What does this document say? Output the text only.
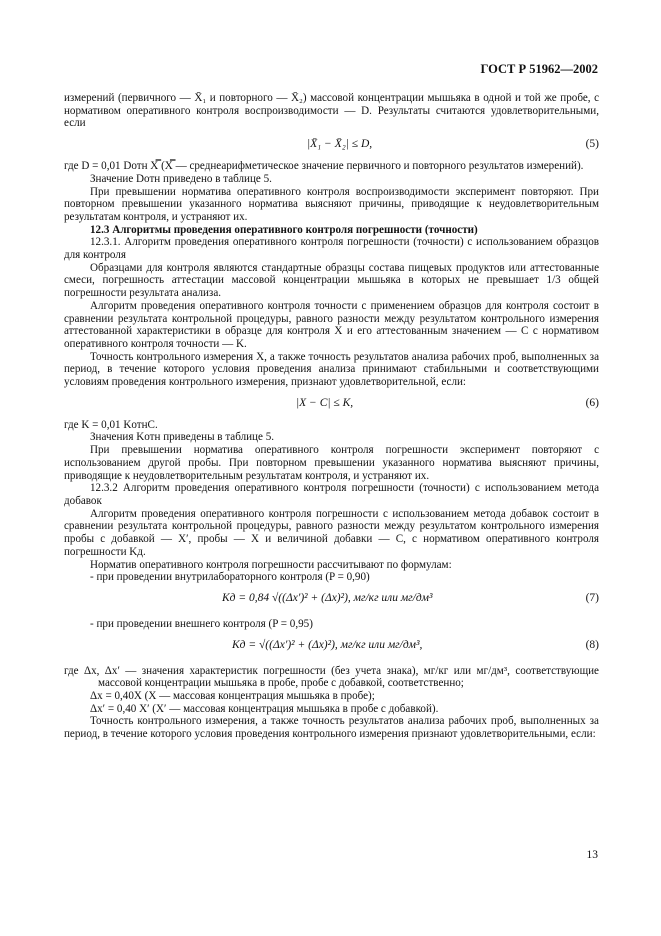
ГОСТ Р 51962—2002

измерений (первичного — X̄₁ и повторного — X̄₂) массовой концентрации мышьяка в одной и той же пробе, с нормативом оперативного контроля воспроизводимости — D. Результаты считаются удовлетворительными, если

|X̄₁ − X̄₂| ≤ D,	(5)

где D = 0,01 Dотн X̿ (X̿ — среднеарифметическое значение первичного и повторного результатов измерений).

Значение Dотн приведено в таблице 5.

При превышении норматива оперативного контроля воспроизводимости эксперимент повторяют. При повторном превышении указанного норматива выясняют причины, приводящие к неудовлетворительным результатам контроля, и устраняют их.

12.3 Алгоритмы проведения оперативного контроля погрешности (точности)

12.3.1. Алгоритм проведения оперативного контроля погрешности (точности) с использованием образцов для контроля

Образцами для контроля являются стандартные образцы состава пищевых продуктов или аттестованные смеси, погрешность аттестации массовой концентрации мышьяка в которых не превышает 1/3 общей погрешности результата анализа.

Алгоритм проведения оперативного контроля точности с применением образцов для контроля состоит в сравнении результата контрольной процедуры, равного разности между результатом контрольного измерения аттестованной характеристики в образце для контроля X и его аттестованным значением — C с нормативом оперативного контроля точности — K.

Точность контрольного измерения X, а также точность результатов анализа рабочих проб, выполненных за период, в течение которого условия проведения анализа принимают стабильными и соответствующими условиям проведения контрольного измерения, признают удовлетворительной, если:

|X − C| ≤ K,	(6)

где K = 0,01 KотнC.

Значения Kотн приведены в таблице 5.

При превышении норматива оперативного контроля погрешности эксперимент повторяют с использованием другой пробы. При повторном превышении указанного норматива выясняют причины, приводящие к неудовлетворительным результатам контроля, и устраняют их.

12.3.2 Алгоритм проведения оперативного контроля погрешности (точности) с использованием метода добавок

Алгоритм проведения оперативного контроля погрешности с использованием метода добавок состоит в сравнении результата контрольной процедуры, равного разности между результатом контрольного измерения пробы с добавкой — X′, пробы — X и величиной добавки — C, с нормативом оперативного контроля погрешности Kд.

Норматив оперативного контроля погрешности рассчитывают по формулам:

- при проведении внутрилабораторного контроля (P = 0,90)

Kд = 0,84 √((Δx′)² + (Δx)²), мг/кг или мг/дм³	(7)

- при проведении внешнего контроля (P = 0,95)

Kд = √((Δx′)² + (Δx)²), мг/кг или мг/дм³,	(8)

где Δx, Δx′ — значения характеристик погрешности (без учета знака), мг/кг или мг/дм³, соответствующие массовой концентрации мышьяка в пробе, пробе с добавкой, соответственно;

Δx = 0,40X (X — массовая концентрация мышьяка в пробе);

Δx′ = 0,40 X′ (X′ — массовая концентрация мышьяка в пробе с добавкой).

Точность контрольного измерения, а также точность результатов анализа рабочих проб, выполненных за период, в течение которого условия проведения контрольного измерения признают удовлетворительными, если:

13
